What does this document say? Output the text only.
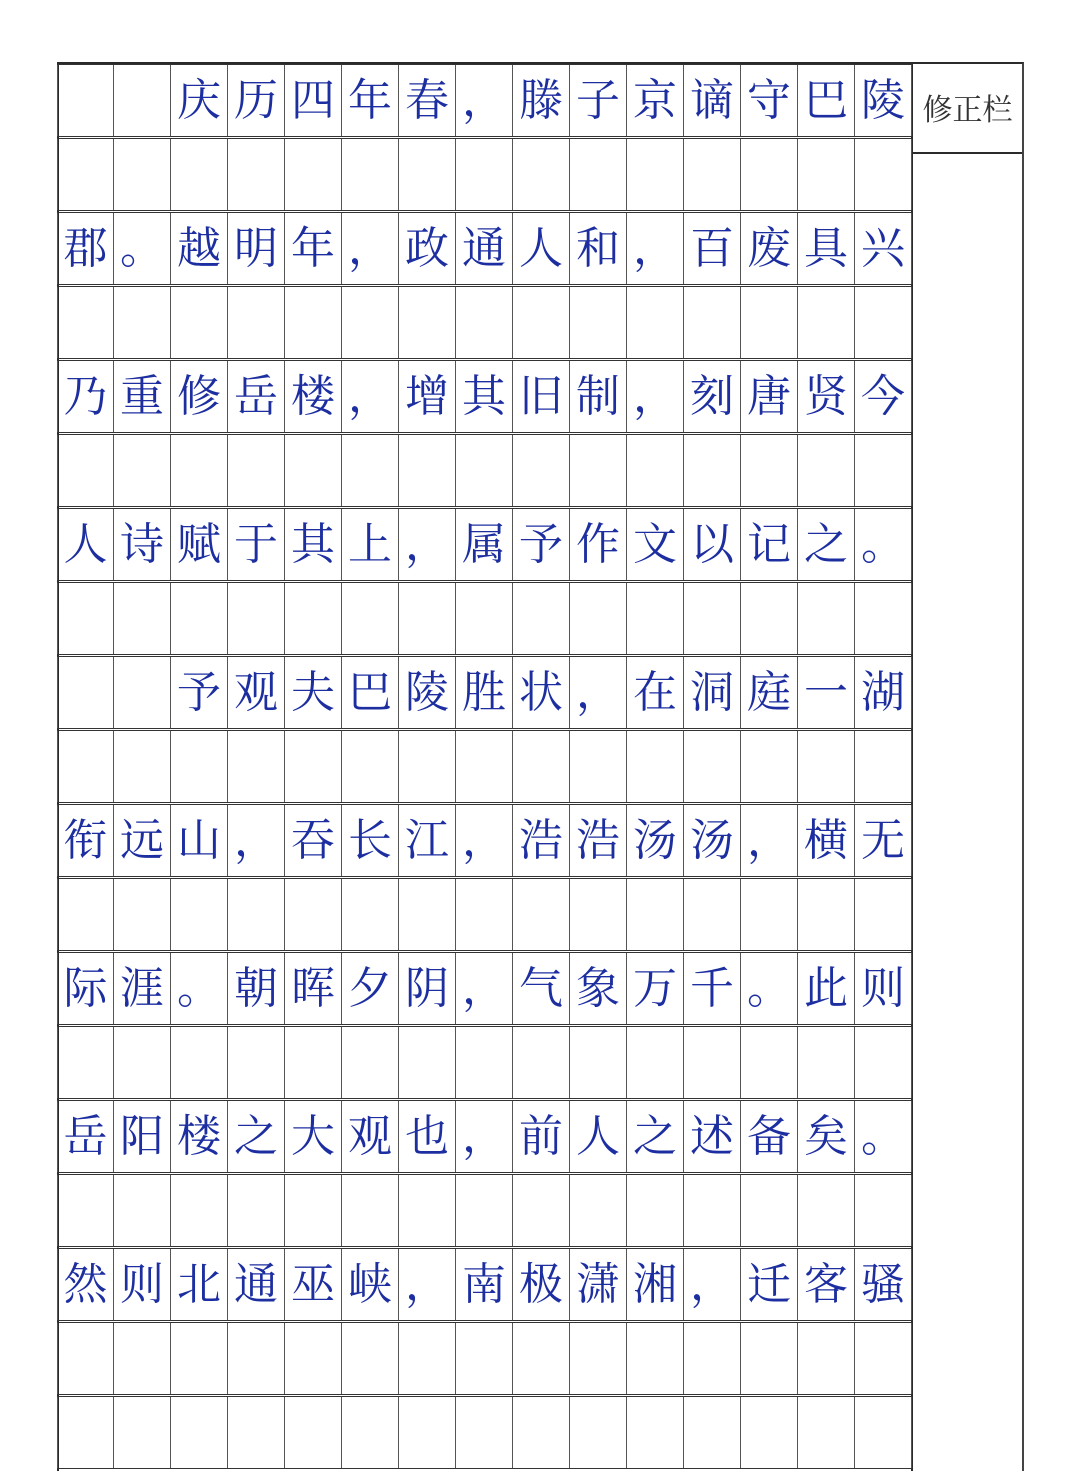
修正栏
庆 历 四 年 春 ， 滕 子 京 谪 守 巴 陵
郡 。 越 明 年 ， 政 通 人 和 ， 百 废 具 兴
乃 重 修 岳 楼 ， 增 其 旧 制 ， 刻 唐 贤 今
人 诗 赋 于 其 上 ， 属 予 作 文 以 记 之 。
予 观 夫 巴 陵 胜 状 ， 在 洞 庭 一 湖
衔 远 山 ， 吞 长 江 ， 浩 浩 汤 汤 ， 横 无
际 涯 。 朝 晖 夕 阴 ， 气 象 万 千 。 此 则
岳 阳 楼 之 大 观 也 ， 前 人 之 述 备 矣 。
然 则 北 通 巫 峡 ， 南 极 潇 湘 ， 迁 客 骚
